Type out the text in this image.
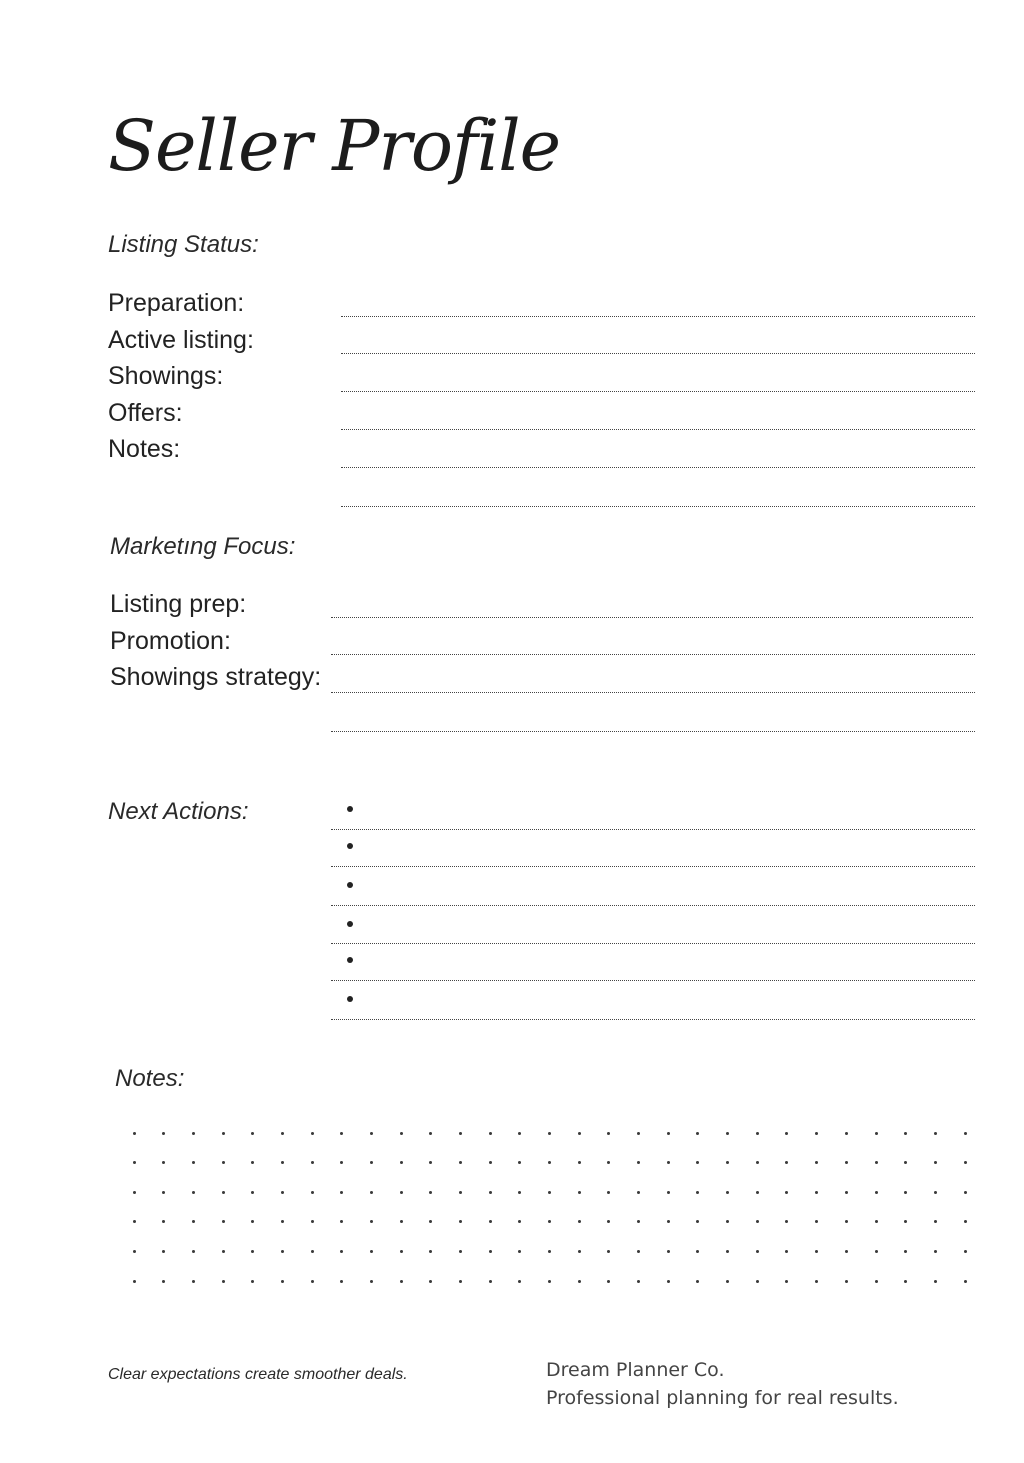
Seller Profile
Listing Status:
Preparation:
Active listing:
Showings:
Offers:
Notes:
Marketıng Focus:
Listing prep:
Promotion:
Showings strategy:
Next Actions:
Notes:
Clear expectations create smoother deals.	Dream Planner Co.
Professional planning for real results.
